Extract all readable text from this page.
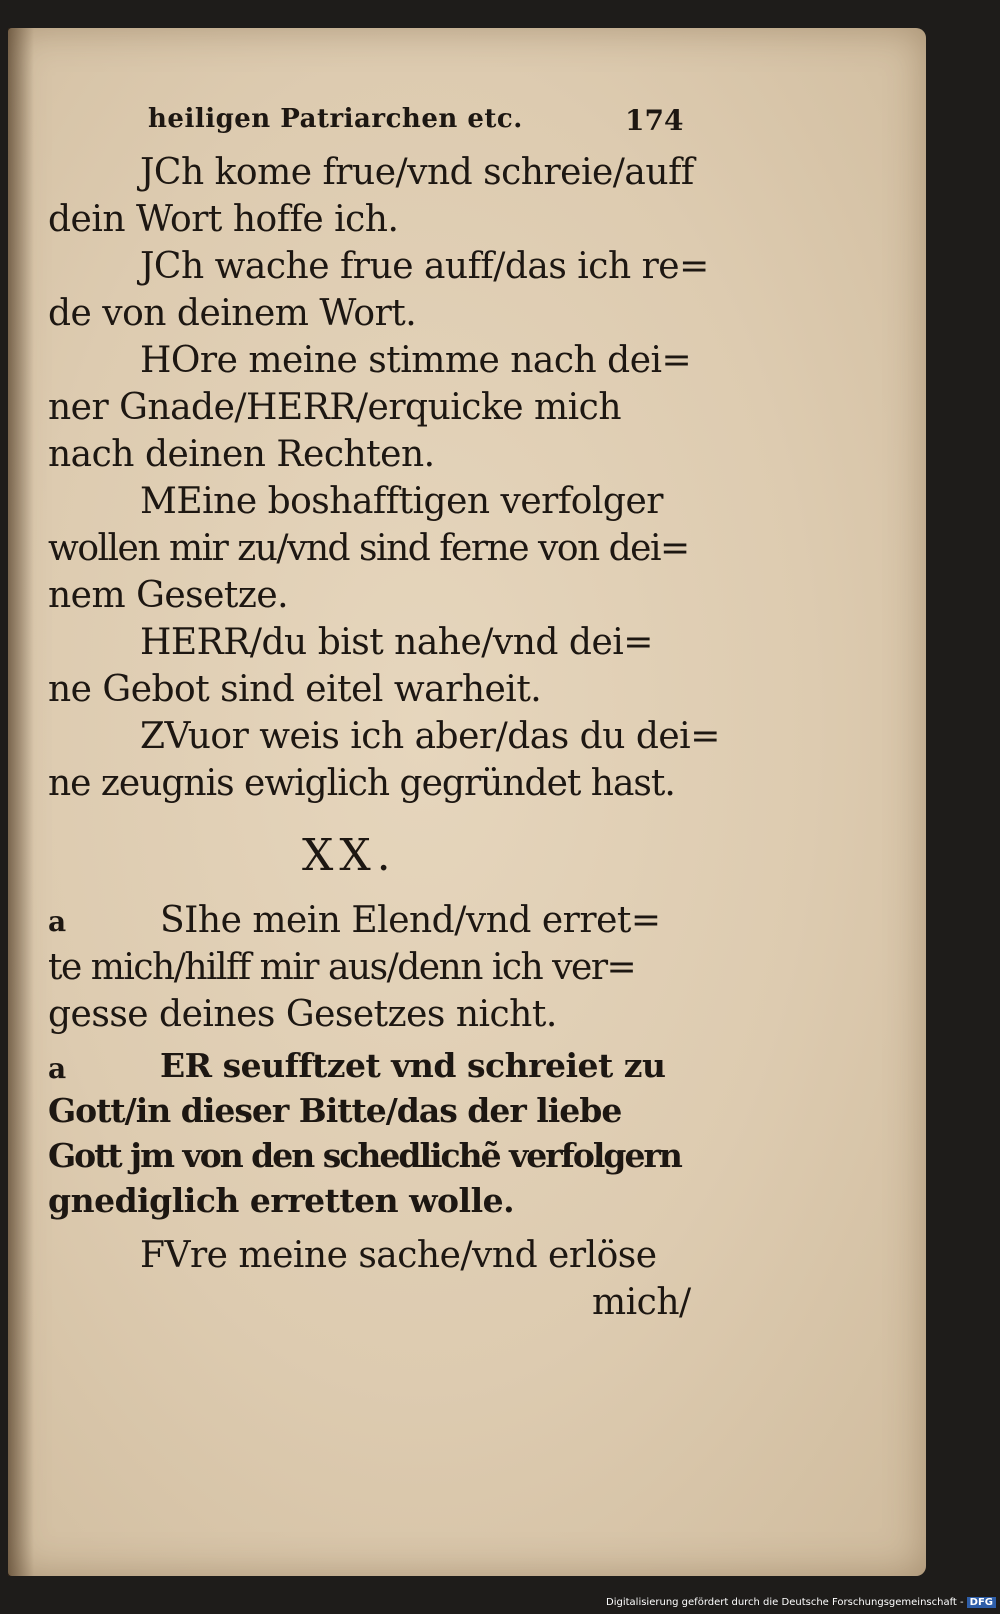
heiligen Patriarchen etc.	174
JCh kome frue/vnd schreie/auff
dein Wort hoffe ich.
JCh wache frue auff/das ich re=
de von deinem Wort.
HOre meine stimme nach dei=
ner Gnade/HERR/erquicke mich
nach deinen Rechten.
MEine boshafftigen verfolger
wollen mir zu/vnd sind ferne von dei=
nem Gesetze.
HERR/du bist nahe/vnd dei=
ne Gebot sind eitel warheit.
ZVuor weis ich aber/das du dei=
ne zeugnis ewiglich gegründet hast.
XX.
a	SIhe mein Elend/vnd erret=
te mich/hilff mir aus/denn ich ver=
gesse deines Gesetzes nicht.
a	ER seufftzet vnd schreiet zu
Gott/in dieser Bitte/das der liebe
Gott jm von den schedlichẽ verfolgern
gnediglich erretten wolle.
FVre meine sache/vnd erlöse
mich/
Digitalisierung gefördert durch die Deutsche Forschungsgemeinschaft - DFG
